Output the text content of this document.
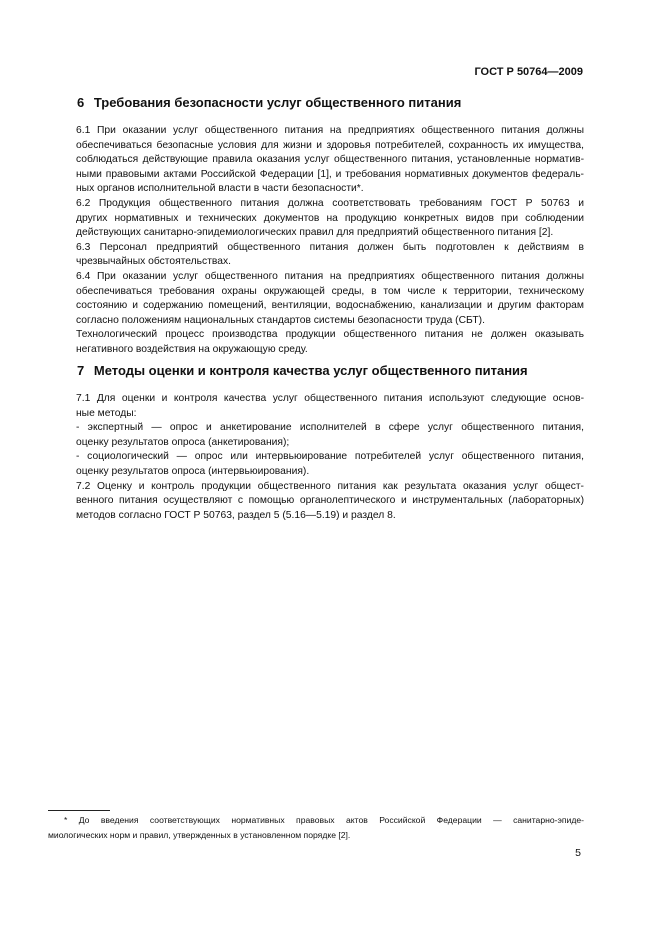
ГОСТ Р 50764—2009
6 Требования безопасности услуг общественного питания
6.1 При оказании услуг общественного питания на предприятиях общественного питания должны
обеспечиваться безопасные условия для жизни и здоровья потребителей, сохранность их имущества,
соблюдаться действующие правила оказания услуг общественного питания, установленные норматив-
ными правовыми актами Российской Федерации [1], и требования нормативных документов федераль-
ных органов исполнительной власти в части безопасности*.
6.2 Продукция общественного питания должна соответствовать требованиям ГОСТ Р 50763 и
других нормативных и технических документов на продукцию конкретных видов при соблюдении
действующих санитарно-эпидемиологических правил для предприятий общественного питания [2].
6.3 Персонал предприятий общественного питания должен быть подготовлен к действиям в
чрезвычайных обстоятельствах.
6.4 При оказании услуг общественного питания на предприятиях общественного питания должны
обеспечиваться требования охраны окружающей среды, в том числе к территории, техническому
состоянию и содержанию помещений, вентиляции, водоснабжению, канализации и другим факторам
согласно положениям национальных стандартов системы безопасности труда (СБТ).
Технологический процесс производства продукции общественного питания не должен оказывать
негативного воздействия на окружающую среду.
7 Методы оценки и контроля качества услуг общественного питания
7.1 Для оценки и контроля качества услуг общественного питания используют следующие основ-
ные методы:
- экспертный — опрос и анкетирование исполнителей в сфере услуг общественного питания,
оценку результатов опроса (анкетирования);
- социологический — опрос или интервьюирование потребителей услуг общественного питания,
оценку результатов опроса (интервьюирования).
7.2 Оценку и контроль продукции общественного питания как результата оказания услуг общест-
венного питания осуществляют с помощью органолептического и инструментальных (лабораторных)
методов согласно ГОСТ Р 50763, раздел 5 (5.16—5.19) и раздел 8.
* До введения соответствующих нормативных правовых актов Российской Федерации — санитарно-эпиде-
миологических норм и правил, утвержденных в установленном порядке [2].
5
